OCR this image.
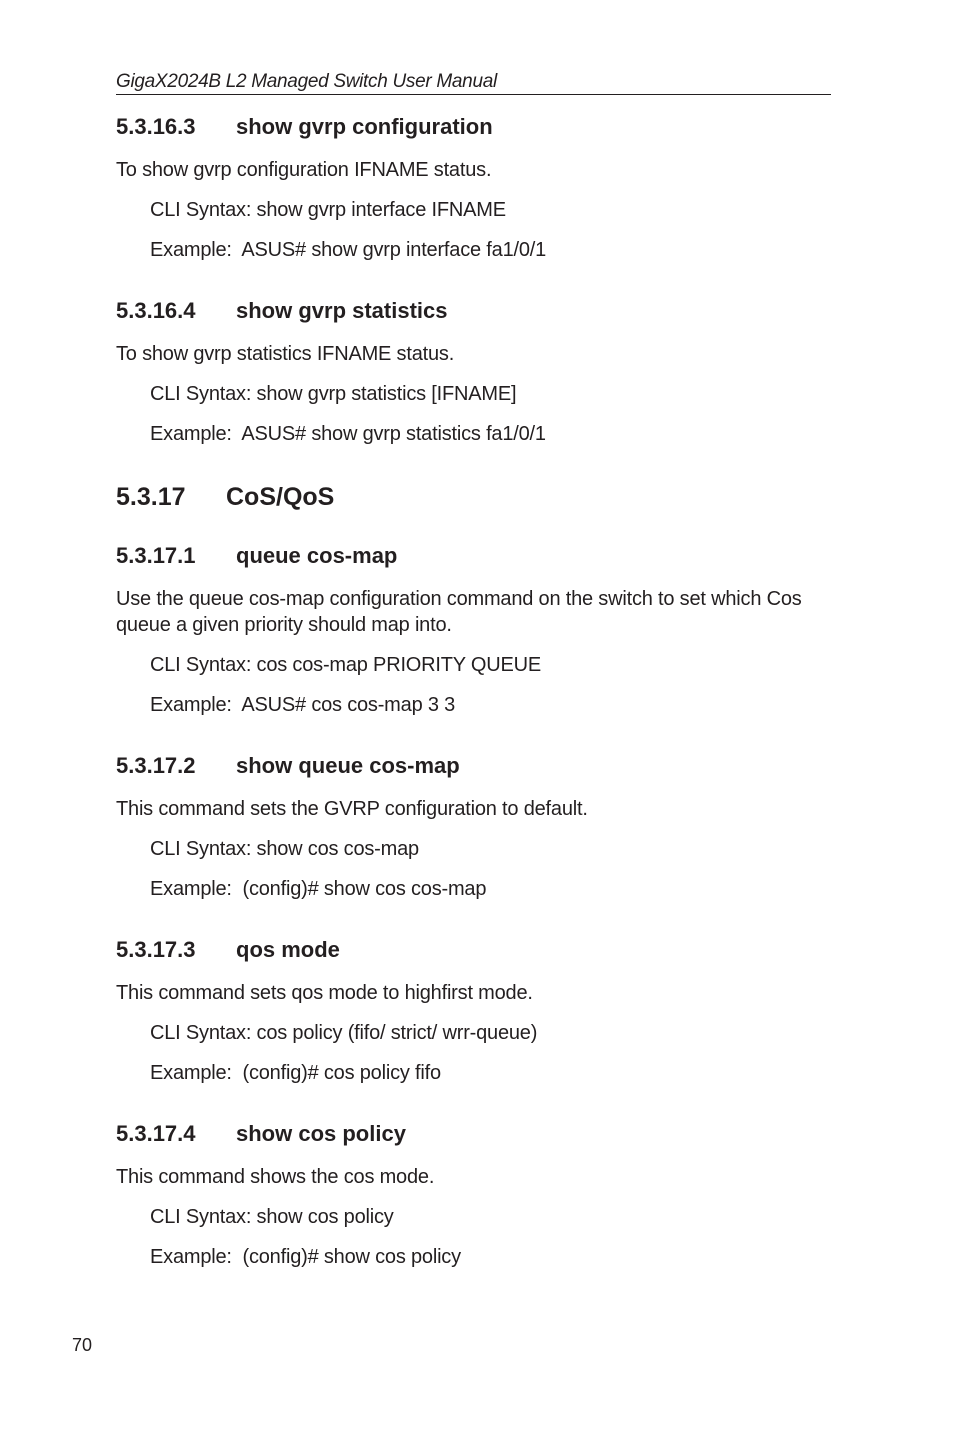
GigaX2024B L2 Managed Switch User Manual
5.3.16.3 show gvrp configuration

To show gvrp configuration IFNAME status.

CLI Syntax: show gvrp interface IFNAME

Example:  ASUS# show gvrp interface fa1/0/1

5.3.16.4 show gvrp statistics

To show gvrp statistics IFNAME status.

CLI Syntax: show gvrp statistics [IFNAME]

Example:  ASUS# show gvrp statistics fa1/0/1

5.3.17 CoS/QoS
5.3.17.1 queue cos-map

Use the queue cos-map configuration command on the switch to set which Cos

queue a given priority should map into.

CLI Syntax: cos cos-map PRIORITY QUEUE

Example:  ASUS# cos cos-map 3 3

5.3.17.2 show queue cos-map

This command sets the GVRP configuration to default.

CLI Syntax: show cos cos-map

Example:  (config)# show cos cos-map

5.3.17.3 qos mode

This command sets qos mode to highfirst mode.

CLI Syntax: cos policy (fifo/ strict/ wrr-queue)

Example:  (config)# cos policy fifo

5.3.17.4 show cos policy

This command shows the cos mode.

CLI Syntax: show cos policy

Example:  (config)# show cos policy

70
